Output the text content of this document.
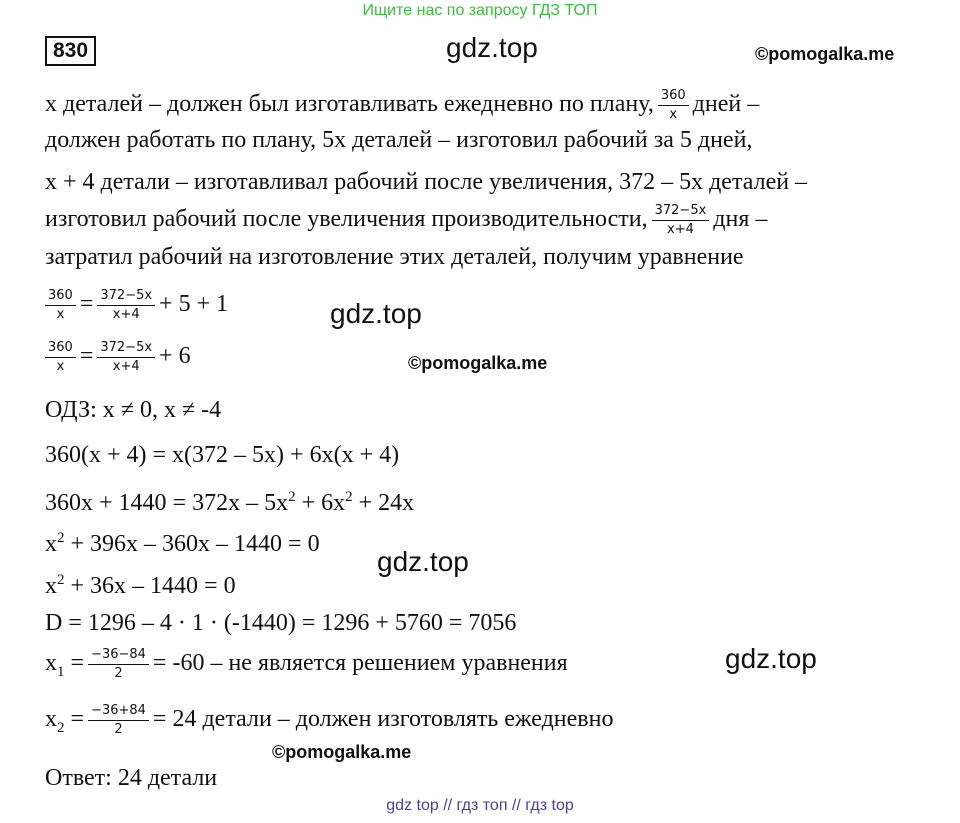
Ищите нас по запросу ГДЗ ТОП
830	gdz.top	©pomogalka.me
gdz.top
©pomogalka.me
gdz.top
gdz.top
©pomogalka.me
x деталей – должен был изготавливать ежедневно по плану, $\frac{360}{x}$ дней –
должен работать по плану, 5x деталей – изготовил рабочий за 5 дней,
x + 4 детали – изготавливал рабочий после увеличения, 372 – 5x деталей –
изготовил рабочий после увеличения производительности, $\frac{372-5x}{x+4}$ дня –
затратил рабочий на изготовление этих деталей, получим уравнение
$\frac{360}{x} = \frac{372-5x}{x+4} + 5 + 1$
$\frac{360}{x} = \frac{372-5x}{x+4} + 6$
ОДЗ: x ≠ 0, x ≠ -4
360(x + 4) = x(372 – 5x) + 6x(x + 4)
$360x + 1440 = 372x - 5x^2 + 6x^2 + 24x$
$x^2 + 396x - 360x - 1440 = 0$
$x^2 + 36x - 1440 = 0$
D = 1296 – 4 · 1 · (-1440) = 1296 + 5760 = 7056
$x_1 = \frac{-36-84}{2} = -60$ – не является решением уравнения
$x_2 = \frac{-36+84}{2} = 24$ детали – должен изготовлять ежедневно
Ответ: 24 детали
gdz top // гдз топ // гдз top
